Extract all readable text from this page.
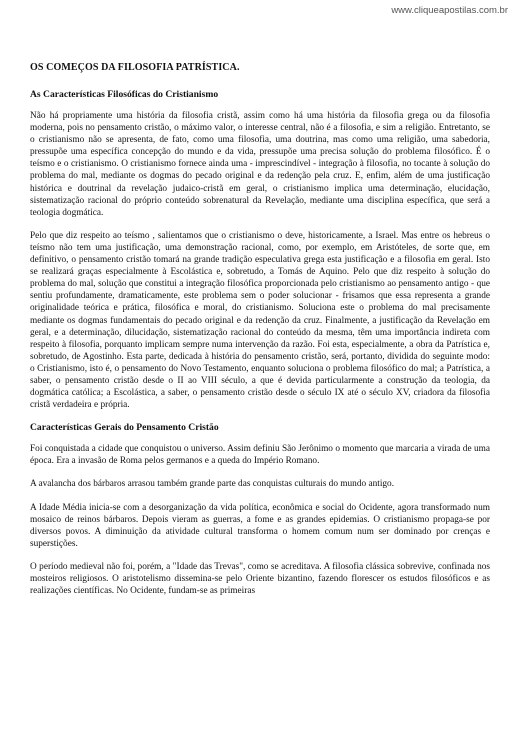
www.cliqueapostilas.com.br
OS COMEÇOS DA FILOSOFIA PATRÍSTICA.
As Características Filosóficas do Cristianismo

Não há propriamente uma história da filosofia cristã, assim como há uma história da filosofia grega ou da filosofia moderna, pois no pensamento cristão, o máximo valor, o interesse central, não é a filosofia, e sim a religião. Entretanto, se o cristianismo não se apresenta, de fato, como uma filosofia, uma doutrina, mas como uma religião, uma sabedoria, pressupõe uma específica concepção do mundo e da vida, pressupõe uma precisa solução do problema filosófico. É o teísmo e o cristianismo. O cristianismo fornece ainda uma - imprescindível - integração à filosofia, no tocante à solução do problema do mal, mediante os dogmas do pecado original e da redenção pela cruz. E, enfim, além de uma justificação histórica e doutrinal da revelação judaico-cristã em geral, o cristianismo implica uma determinação, elucidação, sistematização racional do próprio conteúdo sobrenatural da Revelação, mediante uma disciplina específica, que será a teologia dogmática.

Pelo que diz respeito ao teísmo , salientamos que o cristianismo o deve, historicamente, a Israel. Mas entre os hebreus o teísmo não tem uma justificação, uma demonstração racional, como, por exemplo, em Aristóteles, de sorte que, em definitivo, o pensamento cristão tomará na grande tradição especulativa grega esta justificação e a filosofia em geral. Isto se realizará graças especialmente à Escolástica e, sobretudo, a Tomás de Aquino. Pelo que diz respeito à solução do problema do mal, solução que constitui a integração filosófica proporcionada pelo cristianismo ao pensamento antigo - que sentiu profundamente, dramaticamente, este problema sem o poder solucionar - frisamos que essa representa a grande originalidade teórica e prática, filosófica e moral, do cristianismo. Soluciona este o problema do mal precisamente mediante os dogmas fundamentais do pecado original e da redenção da cruz. Finalmente, a justificação da Revelação em geral, e a determinação, dilucidação, sistematização racional do conteúdo da mesma, têm uma importância indireta com respeito à filosofia, porquanto implicam sempre numa intervenção da razão. Foi esta, especialmente, a obra da Patrística e, sobretudo, de Agostinho. Esta parte, dedicada à história do pensamento cristão, será, portanto, dividida do seguinte modo: o Cristianismo, isto é, o pensamento do Novo Testamento, enquanto soluciona o problema filosófico do mal; a Patrística, a saber, o pensamento cristão desde o II ao VIII século, a que é devida particularmente a construção da teologia, da dogmática católica; a Escolástica, a saber, o pensamento cristão desde o século IX até o século XV, criadora da filosofia cristã verdadeira e própria.

Características Gerais do Pensamento Cristão

Foi conquistada a cidade que conquistou o universo. Assim definiu São Jerônimo o momento que marcaria a virada de uma época. Era a invasão de Roma pelos germanos e a queda do Império Romano.

A avalancha dos bárbaros arrasou também grande parte das conquistas culturais do mundo antigo.

A Idade Média inicia-se com a desorganização da vida política, econômica e social do Ocidente, agora transformado num mosaico de reinos bárbaros. Depois vieram as guerras, a fome e as grandes epidemias. O cristianismo propaga-se por diversos povos. A diminuição da atividade cultural transforma o homem comum num ser dominado por crenças e superstições.

O período medieval não foi, porém, a "Idade das Trevas", como se acreditava. A filosofia clássica sobrevive, confinada nos mosteiros religiosos. O aristotelismo dissemina-se pelo Oriente bizantino, fazendo florescer os estudos filosóficos e as realizações científicas. No Ocidente, fundam-se as primeiras
